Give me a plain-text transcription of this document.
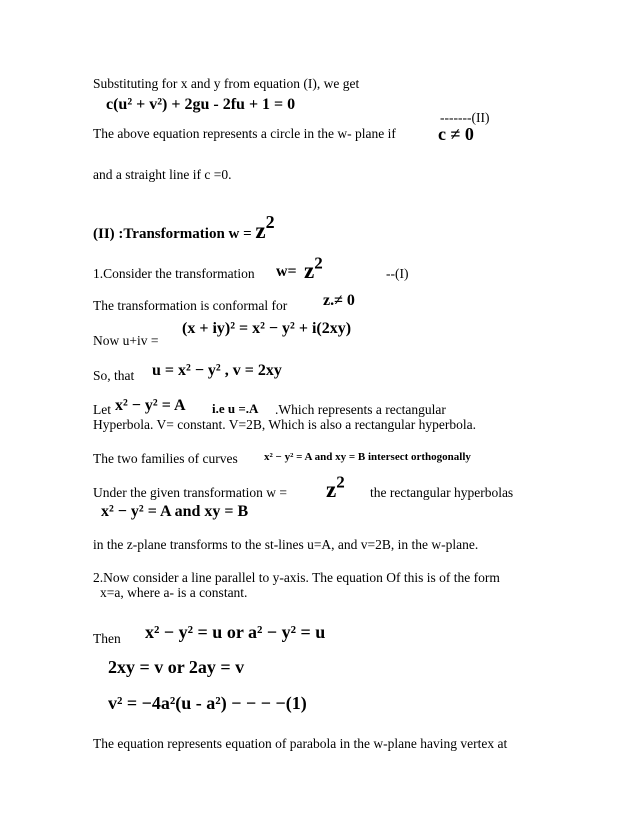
Substituting for x and y from equation (I), we get
c(u² + v²) + 2gu - 2fu + 1 = 0
-------(II)
The above equation represents a circle in the w- plane if c ≠ 0
and a straight line if c =0.
(II) :Transformation $w = z^2$
1.Consider the transformation $w= z^2$
--(I)
The transformation is conformal for z.≠ 0
Now u+iv =
(x + iy)² = x² − y² + i(2xy)
So, that u = x² − y² , v = 2xy
Let x² − y² = A i.e u =.A .Which represents a rectangular
Hyperbola. V= constant. V=2B, Which is also a rectangular hyperbola.
The two families of curves x² − y² = A and xy = B intersect orthogonally
Under the given transformation $w = z^2$
the rectangular hyperbolas
x² − y² = A and xy = B
in the z-plane transforms to the st-lines u=A, and v=2B, in the w-plane.
2.Now consider a line parallel to y-axis. The equation Of this is of the form
x=a, where a- is a constant.
Then x² − y² = u or a² − y² = u
2xy = v or 2ay = v
v² = −4a²(u - a²) − − − −(1)
The equation represents equation of parabola in the w-plane having vertex at
